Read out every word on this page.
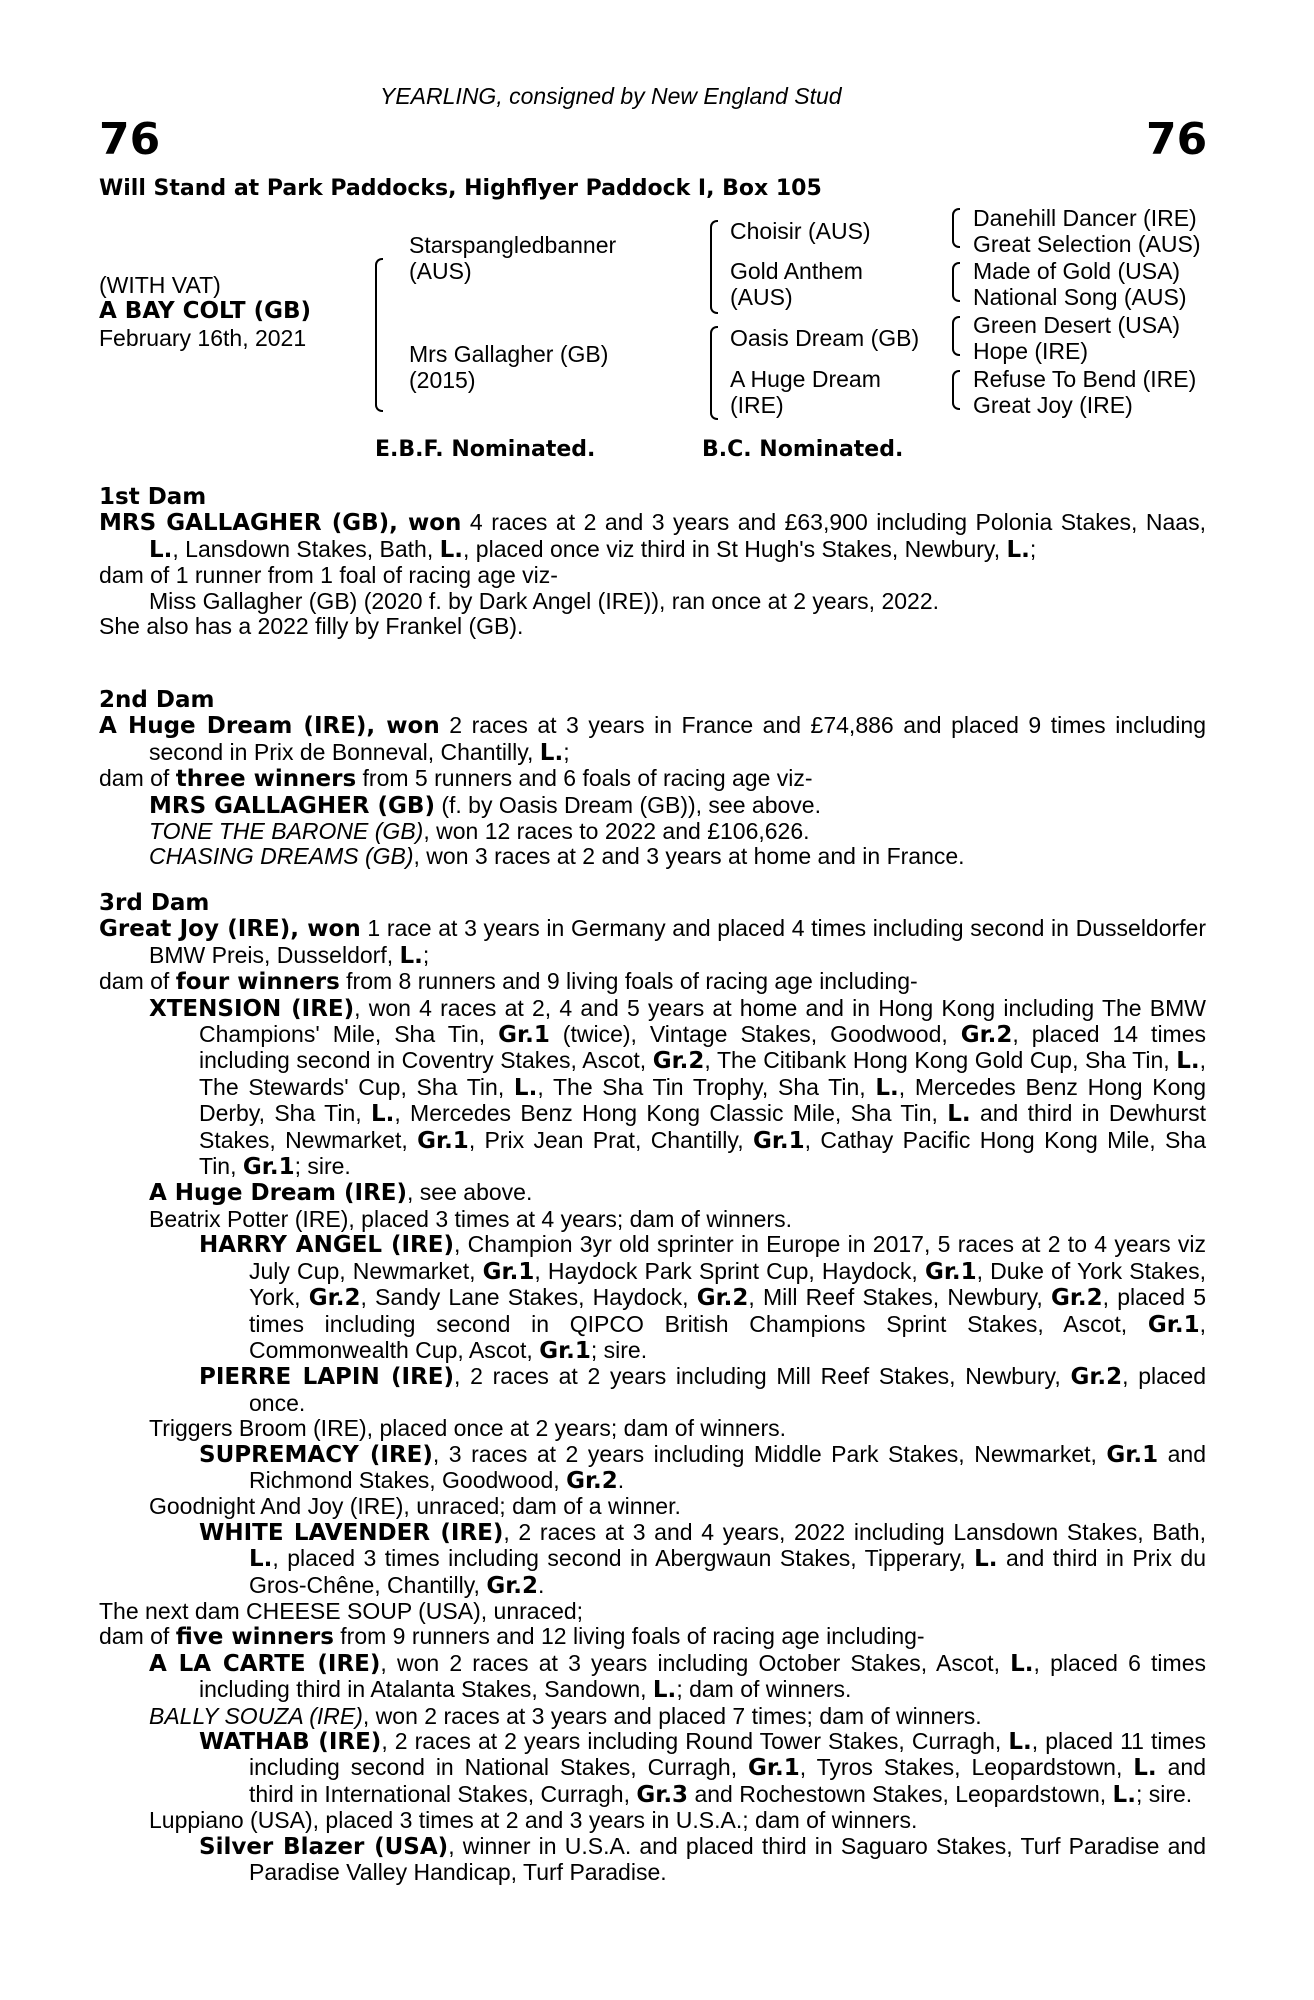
YEARLING, consigned by New England Stud
76	76
Will Stand at Park Paddocks, Highflyer Paddock I, Box 105
(WITH VAT)
A BAY COLT (GB)
February 16th, 2021
Starspangledbanner
(AUS)
Mrs Gallagher (GB)
(2015)
Choisir (AUS)
Gold Anthem
(AUS)
Oasis Dream (GB)
A Huge Dream
(IRE)
Danehill Dancer (IRE)
Great Selection (AUS)
Made of Gold (USA)
National Song (AUS)
Green Desert (USA)
Hope (IRE)
Refuse To Bend (IRE)
Great Joy (IRE)
E.B.F. Nominated.	B.C. Nominated.

1st Dam

MRS GALLAGHER (GB), won 4 races at 2 and 3 years and £63,900 including Polonia Stakes, Naas, L., Lansdown Stakes, Bath, L., placed once viz third in St Hugh's Stakes, Newbury, L.;

dam of 1 runner from 1 foal of racing age viz-

Miss Gallagher (GB) (2020 f. by Dark Angel (IRE)), ran once at 2 years, 2022.

She also has a 2022 filly by Frankel (GB).

2nd Dam

A Huge Dream (IRE), won 2 races at 3 years in France and £74,886 and placed 9 times including second in Prix de Bonneval, Chantilly, L.;

dam of three winners from 5 runners and 6 foals of racing age viz-

MRS GALLAGHER (GB) (f. by Oasis Dream (GB)), see above.

TONE THE BARONE (GB), won 12 races to 2022 and £106,626.

CHASING DREAMS (GB), won 3 races at 2 and 3 years at home and in France.

3rd Dam

Great Joy (IRE), won 1 race at 3 years in Germany and placed 4 times including second in Dusseldorfer BMW Preis, Dusseldorf, L.;

dam of four winners from 8 runners and 9 living foals of racing age including-

XTENSION (IRE), won 4 races at 2, 4 and 5 years at home and in Hong Kong including The BMW Champions' Mile, Sha Tin, Gr.1 (twice), Vintage Stakes, Goodwood, Gr.2, placed 14 times including second in Coventry Stakes, Ascot, Gr.2, The Citibank Hong Kong Gold Cup, Sha Tin, L., The Stewards' Cup, Sha Tin, L., The Sha Tin Trophy, Sha Tin, L., Mercedes Benz Hong Kong Derby, Sha Tin, L., Mercedes Benz Hong Kong Classic Mile, Sha Tin, L. and third in Dewhurst Stakes, Newmarket, Gr.1, Prix Jean Prat, Chantilly, Gr.1, Cathay Pacific Hong Kong Mile, Sha Tin, Gr.1; sire.

A Huge Dream (IRE), see above.

Beatrix Potter (IRE), placed 3 times at 4 years; dam of winners.

HARRY ANGEL (IRE), Champion 3yr old sprinter in Europe in 2017, 5 races at 2 to 4 years viz July Cup, Newmarket, Gr.1, Haydock Park Sprint Cup, Haydock, Gr.1, Duke of York Stakes, York, Gr.2, Sandy Lane Stakes, Haydock, Gr.2, Mill Reef Stakes, Newbury, Gr.2, placed 5 times including second in QIPCO British Champions Sprint Stakes, Ascot, Gr.1, Commonwealth Cup, Ascot, Gr.1; sire.

PIERRE LAPIN (IRE), 2 races at 2 years including Mill Reef Stakes, Newbury, Gr.2, placed once.

Triggers Broom (IRE), placed once at 2 years; dam of winners.

SUPREMACY (IRE), 3 races at 2 years including Middle Park Stakes, Newmarket, Gr.1 and Richmond Stakes, Goodwood, Gr.2.

Goodnight And Joy (IRE), unraced; dam of a winner.

WHITE LAVENDER (IRE), 2 races at 3 and 4 years, 2022 including Lansdown Stakes, Bath, L., placed 3 times including second in Abergwaun Stakes, Tipperary, L. and third in Prix du Gros-Chêne, Chantilly, Gr.2.

The next dam CHEESE SOUP (USA), unraced;

dam of five winners from 9 runners and 12 living foals of racing age including-

A LA CARTE (IRE), won 2 races at 3 years including October Stakes, Ascot, L., placed 6 times including third in Atalanta Stakes, Sandown, L.; dam of winners.

BALLY SOUZA (IRE), won 2 races at 3 years and placed 7 times; dam of winners.

WATHAB (IRE), 2 races at 2 years including Round Tower Stakes, Curragh, L., placed 11 times including second in National Stakes, Curragh, Gr.1, Tyros Stakes, Leopardstown, L. and third in International Stakes, Curragh, Gr.3 and Rochestown Stakes, Leopardstown, L.; sire.

Luppiano (USA), placed 3 times at 2 and 3 years in U.S.A.; dam of winners.

Silver Blazer (USA), winner in U.S.A. and placed third in Saguaro Stakes, Turf Paradise and Paradise Valley Handicap, Turf Paradise.
